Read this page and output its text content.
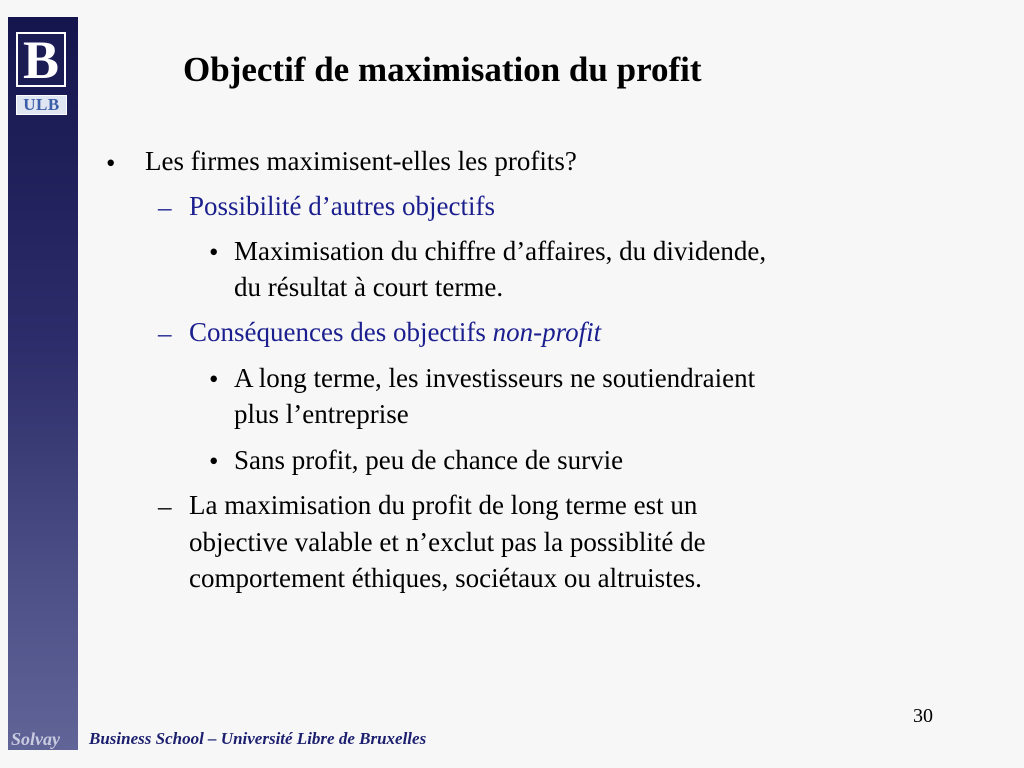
B
ULB
Objectif de maximisation du profit
• Les firmes maximisent-elles les profits?
– Possibilité d’autres objectifs
• Maximisation du chiffre d’affaires, du dividende,
du résultat à court terme.
– Conséquences des objectifs non-profit
• A long terme, les investisseurs ne soutiendraient
plus l’entreprise
• Sans profit, peu de chance de survie
– La maximisation du profit de long terme est un
objective valable et n’exclut pas la possiblité de
comportement éthiques, sociétaux ou altruistes.
30
Solvay Business School – Université Libre de Bruxelles
